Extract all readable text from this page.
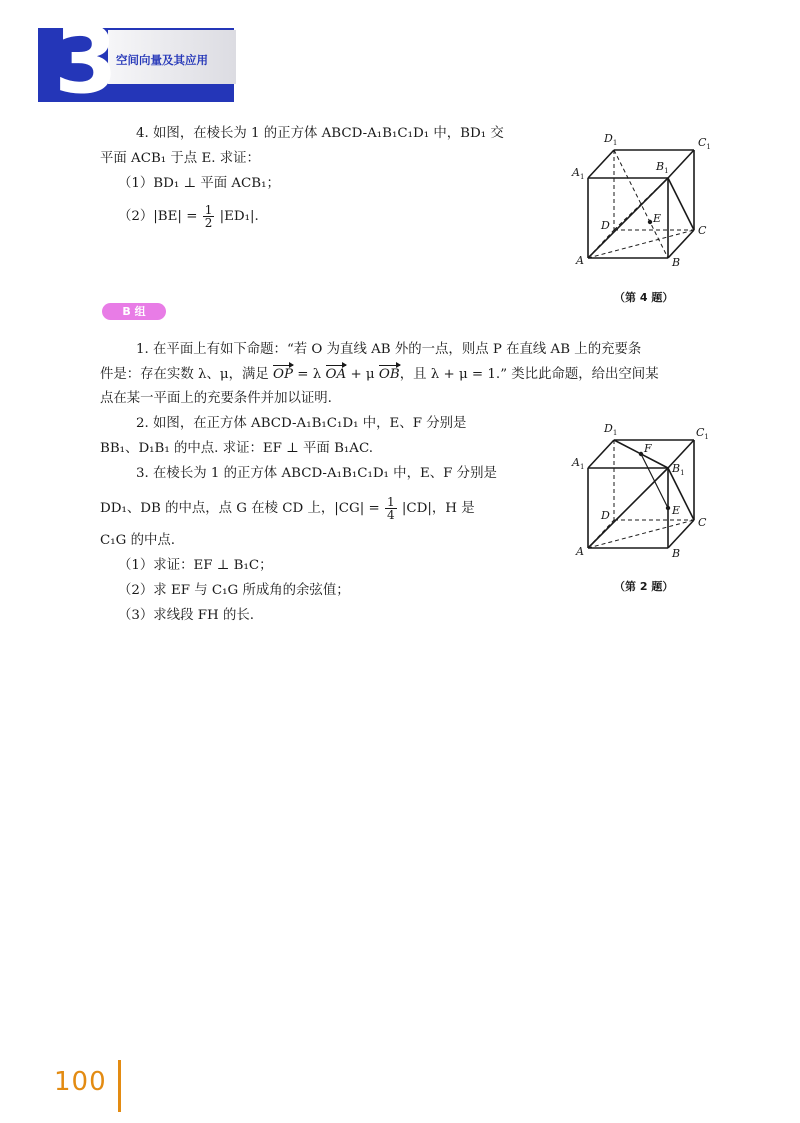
3 空间向量及其应用
4. 如图，在棱长为 1 的正方体 ABCD-A₁B₁C₁D₁ 中，BD₁ 交
平面 ACB₁ 于点 E. 求证：
（1）BD₁ ⊥ 平面 ACB₁；
$(2)|BE| = \frac{1}{2} |ED_1|$.
$D_1$	$C_1$
$A_1$
$B_1$
E
D	C
A	B
（第 4 题）
B 组
1. 在平面上有如下命题：“若 O 为直线 AB 外的一点，则点 P 在直线 AB 上的充要条
件是：存在实数 λ、μ，满足 OP = λ OA + μ OB，且 λ + μ = 1.” 类比此命题，给出空间某
点在某一平面上的充要条件并加以证明.
2. 如图，在正方体 ABCD-A₁B₁C₁D₁ 中，E、F 分别是
BB₁、D₁B₁ 的中点. 求证：EF ⊥ 平面 B₁AC.
3. 在棱长为 1 的正方体 ABCD-A₁B₁C₁D₁ 中，E、F 分别是
DD₁、DB 的中点，点 G 在棱 CD 上，$|CG| = \frac{1}{4} |CD|$，H 是
C₁G 的中点.
（1）求证：EF ⊥ B₁C；
（2）求 EF 与 C₁G 所成角的余弦值；
（3）求线段 FH 的长.
$D_1$	$C_1$
$A_1$	$B_1$
F
E
D
C
A	B
（第 2 题）
100
